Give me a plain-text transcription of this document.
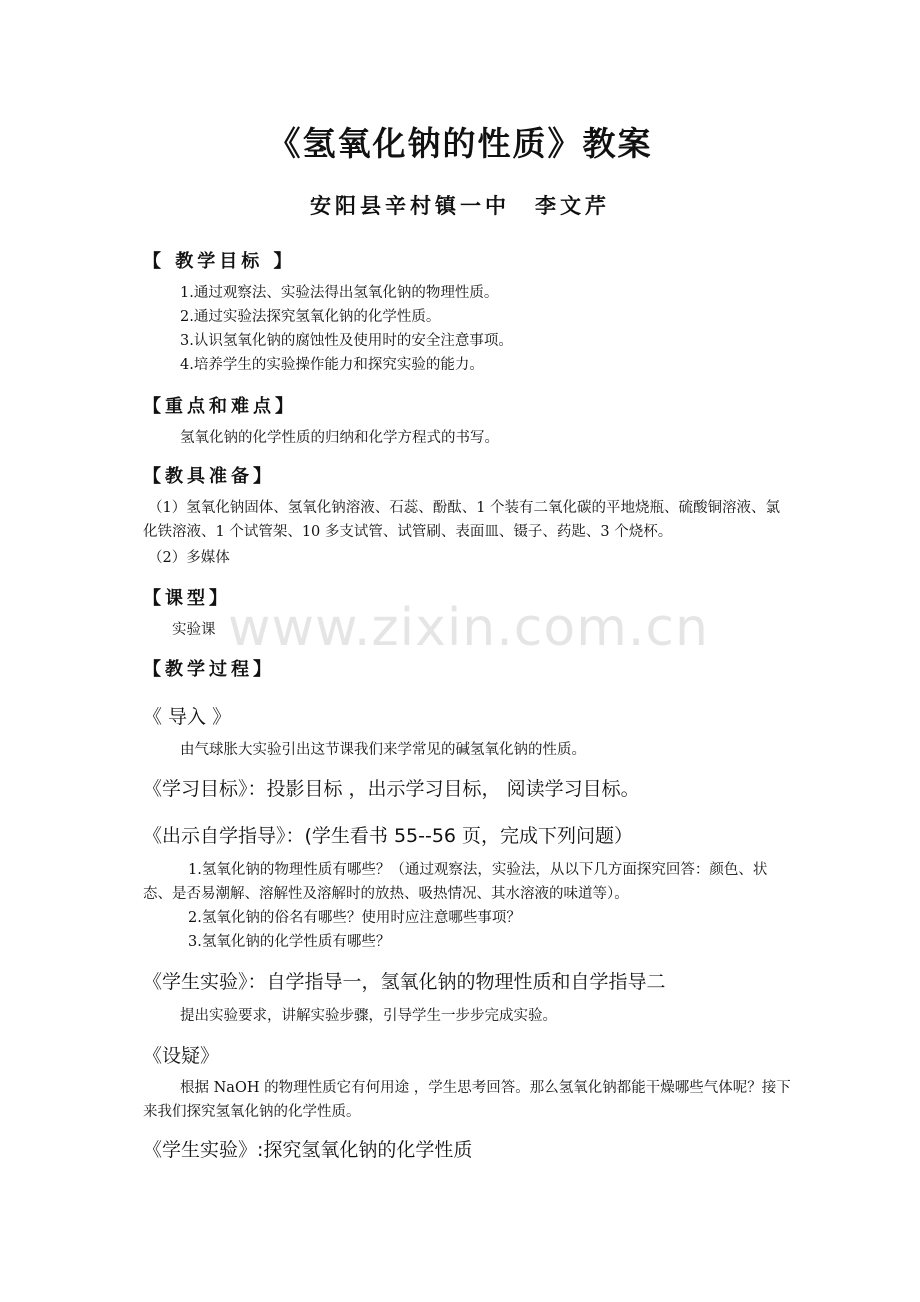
《氢氧化钠的性质》教案
安阳县辛村镇一中　李文芹
【 教学目标 】
1.通过观察法、实验法得出氢氧化钠的物理性质。
2.通过实验法探究氢氧化钠的化学性质。
3.认识氢氧化钠的腐蚀性及使用时的安全注意事项。
4.培养学生的实验操作能力和探究实验的能力。
【重点和难点】
氢氧化钠的化学性质的归纳和化学方程式的书写。
【教具准备】
（1）氢氧化钠固体、氢氧化钠溶液、石蕊、酚酞、1 个装有二氧化碳的平地烧瓶、硫酸铜溶液、氯化铁溶液、1 个试管架、10 多支试管、试管刷、表面皿、镊子、药匙、3 个烧杯。
（2）多媒体
【课型】
实验课 www.zixin.com.cn
【教学过程】
《 导入 》
由气球胀大实验引出这节课我们来学常见的碱氢氧化钠的性质。
《学习目标》：投影目标 ，出示学习目标， 阅读学习目标。
《出示自学指导》：(学生看书 55--56 页，完成下列问题）
1.氢氧化钠的物理性质有哪些？（通过观察法，实验法，从以下几方面探究回答：颜色、状态、是否易潮解、溶解性及溶解时的放热、吸热情况、其水溶液的味道等）。
2.氢氧化钠的俗名有哪些？使用时应注意哪些事项？
3.氢氧化钠的化学性质有哪些？
《学生实验》：自学指导一，氢氧化钠的物理性质和自学指导二
提出实验要求，讲解实验步骤，引导学生一步步完成实验。
《设疑》
根据 NaOH 的物理性质它有何用途 ，学生思考回答。那么氢氧化钠都能干燥哪些气体呢？接下来我们探究氢氧化钠的化学性质。
《学生实验》:探究氢氧化钠的化学性质
